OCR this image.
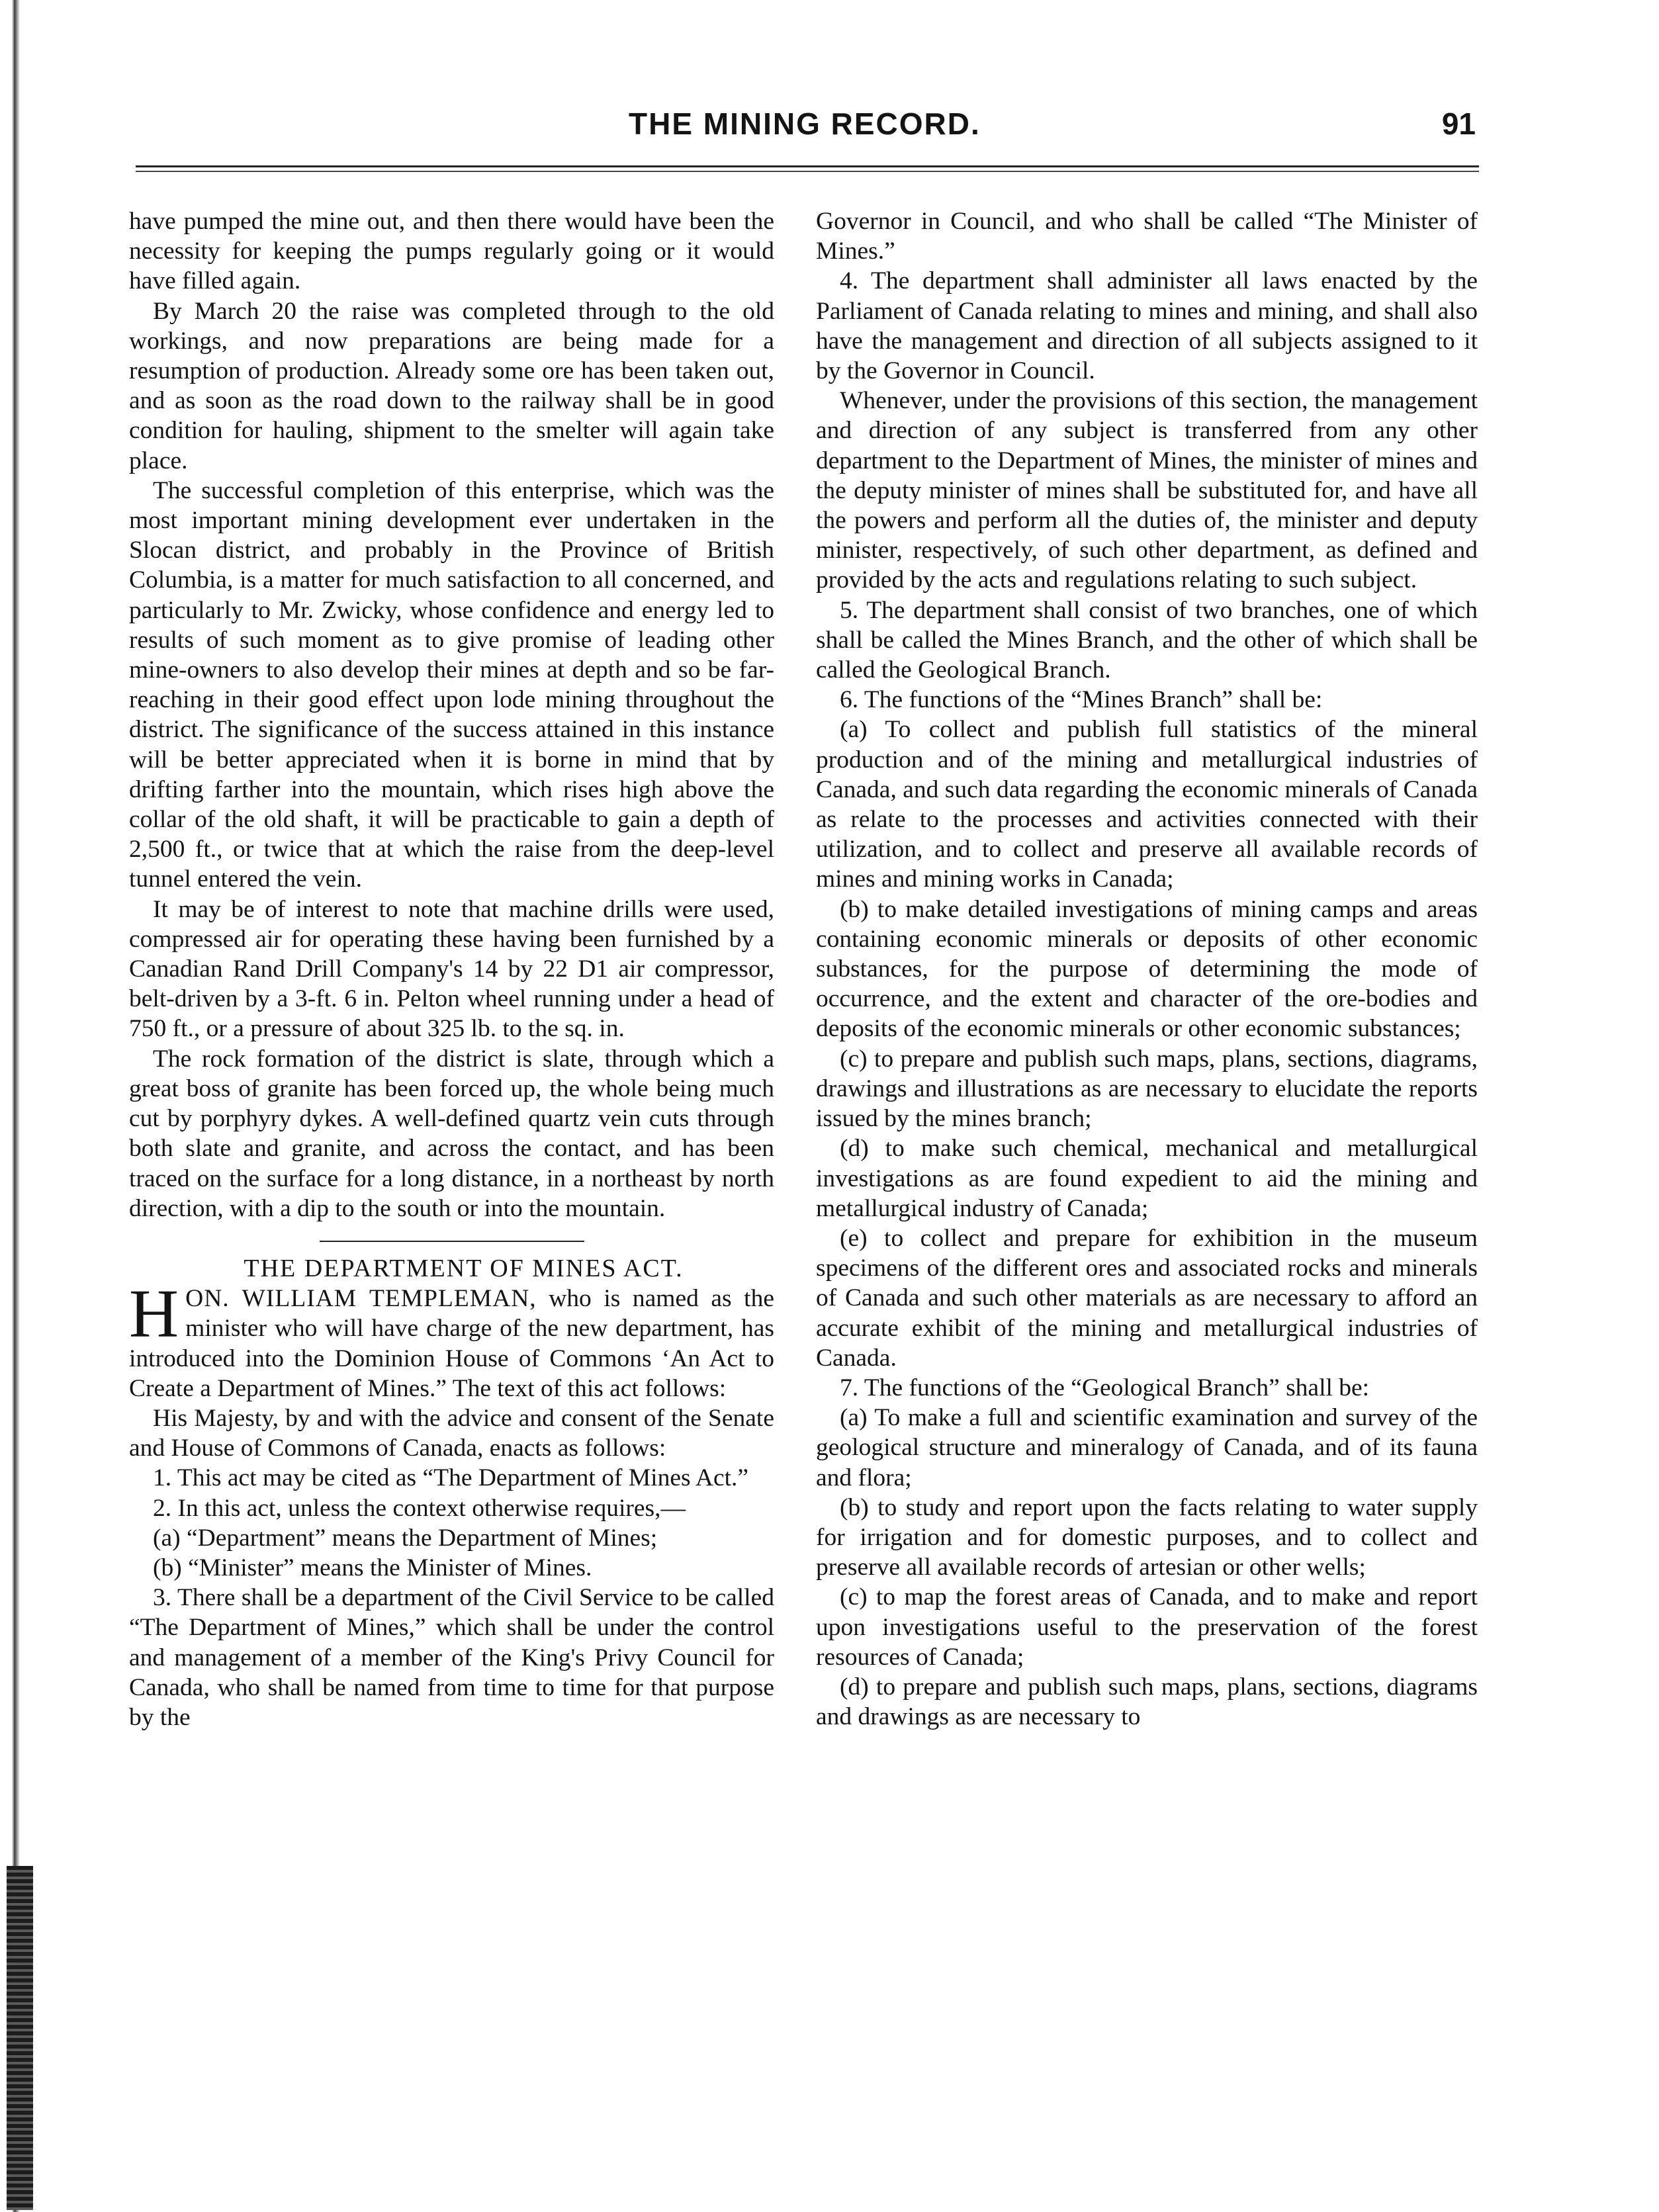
THE MINING RECORD.	91

have pumped the mine out, and then there would have been the necessity for keeping the pumps regularly going or it would have filled again.

By March 20 the raise was completed through to the old workings, and now preparations are being made for a resumption of production. Already some ore has been taken out, and as soon as the road down to the railway shall be in good condition for hauling, shipment to the smelter will again take place.

The successful completion of this enterprise, which was the most important mining development ever undertaken in the Slocan district, and probably in the Province of British Columbia, is a matter for much satisfaction to all concerned, and particularly to Mr. Zwicky, whose confidence and energy led to results of such moment as to give promise of leading other mine-owners to also develop their mines at depth and so be far-reaching in their good effect upon lode mining throughout the district. The significance of the success attained in this instance will be better appreciated when it is borne in mind that by drifting farther into the mountain, which rises high above the collar of the old shaft, it will be practicable to gain a depth of 2,500 ft., or twice that at which the raise from the deep-level tunnel entered the vein.

It may be of interest to note that machine drills were used, compressed air for operating these having been furnished by a Canadian Rand Drill Company's 14 by 22 D1 air compressor, belt-driven by a 3-ft. 6 in. Pelton wheel running under a head of 750 ft., or a pressure of about 325 lb. to the sq. in.

The rock formation of the district is slate, through which a great boss of granite has been forced up, the whole being much cut by porphyry dykes. A well-defined quartz vein cuts through both slate and granite, and across the contact, and has been traced on the surface for a long distance, in a northeast by north direction, with a dip to the south or into the mountain.

THE DEPARTMENT OF MINES ACT.

HON. WILLIAM TEMPLEMAN, who is named as the minister who will have charge of the new department, has introduced into the Dominion House of Commons ‘An Act to Create a Department of Mines.” The text of this act follows:

His Majesty, by and with the advice and consent of the Senate and House of Commons of Canada, enacts as follows:

1. This act may be cited as “The Department of Mines Act.”

2. In this act, unless the context otherwise requires,—

(a) “Department” means the Department of Mines;

(b) “Minister” means the Minister of Mines.

3. There shall be a department of the Civil Service to be called “The Department of Mines,” which shall be under the control and management of a member of the King's Privy Council for Canada, who shall be named from time to time for that purpose by the

Governor in Council, and who shall be called “The Minister of Mines.”

4. The department shall administer all laws enacted by the Parliament of Canada relating to mines and mining, and shall also have the management and direction of all subjects assigned to it by the Governor in Council.

Whenever, under the provisions of this section, the management and direction of any subject is transferred from any other department to the Department of Mines, the minister of mines and the deputy minister of mines shall be substituted for, and have all the powers and perform all the duties of, the minister and deputy minister, respectively, of such other department, as defined and provided by the acts and regulations relating to such subject.

5. The department shall consist of two branches, one of which shall be called the Mines Branch, and the other of which shall be called the Geological Branch.

6. The functions of the “Mines Branch” shall be:

(a) To collect and publish full statistics of the mineral production and of the mining and metallurgical industries of Canada, and such data regarding the economic minerals of Canada as relate to the processes and activities connected with their utilization, and to collect and preserve all available records of mines and mining works in Canada;

(b) to make detailed investigations of mining camps and areas containing economic minerals or deposits of other economic substances, for the purpose of determining the mode of occurrence, and the extent and character of the ore-bodies and deposits of the economic minerals or other economic substances;

(c) to prepare and publish such maps, plans, sections, diagrams, drawings and illustrations as are necessary to elucidate the reports issued by the mines branch;

(d) to make such chemical, mechanical and metallurgical investigations as are found expedient to aid the mining and metallurgical industry of Canada;

(e) to collect and prepare for exhibition in the museum specimens of the different ores and associated rocks and minerals of Canada and such other materials as are necessary to afford an accurate exhibit of the mining and metallurgical industries of Canada.

7. The functions of the “Geological Branch” shall be:

(a) To make a full and scientific examination and survey of the geological structure and mineralogy of Canada, and of its fauna and flora;

(b) to study and report upon the facts relating to water supply for irrigation and for domestic purposes, and to collect and preserve all available records of artesian or other wells;

(c) to map the forest areas of Canada, and to make and report upon investigations useful to the preservation of the forest resources of Canada;

(d) to prepare and publish such maps, plans, sections, diagrams and drawings as are necessary to
